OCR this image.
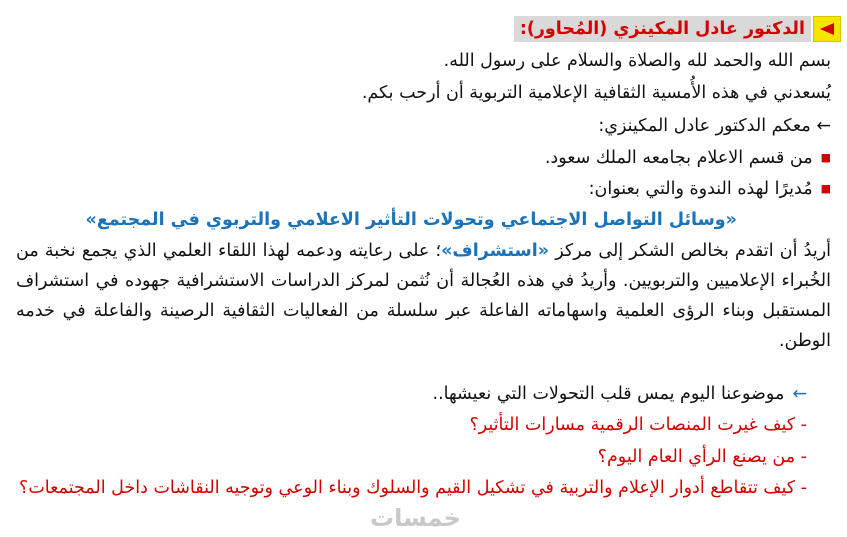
الدكتور عادل المكينزي (المُحاور):
بسم الله والحمد لله والصلاة والسلام على رسول الله.
يُسعدني في هذه الأُمسية الثقافية الإعلامية التربوية أن أرحب بكم.
← معكم الدكتور عادل المكينزي:
■من قسم الاعلام بجامعه الملك سعود.
■مُديرًا لهذه الندوة والتي بعنوان:
«وسائل التواصل الاجتماعي وتحولات التأثير الاعلامي والتربوي في المجتمع»
أريدُ أن اتقدم بخالص الشكر إلى مركز «استشراف»؛ على رعايته ودعمه لهذا اللقاء العلمي الذي يجمع نخبة من الخُبراء الإعلاميين والتربويين. وأريدُ في هذه العُجالة أن نُثمن لمركز الدراسات الاستشرافية جهوده في استشراف المستقبل وبناء الرؤى العلمية واسهاماته الفاعلة عبر سلسلة من الفعاليات الثقافية الرصينة والفاعلة في خدمه الوطن.
←موضوعنا اليوم يمس قلب التحولات التي نعيشها..
- كيف غيرت المنصات الرقمية مسارات التأثير؟
- من يصنع الرأي العام اليوم؟
- كيف تتقاطع أدوار الإعلام والتربية في تشكيل القيم والسلوك وبناء الوعي وتوجيه النقاشات داخل المجتمعات؟
خمسات
